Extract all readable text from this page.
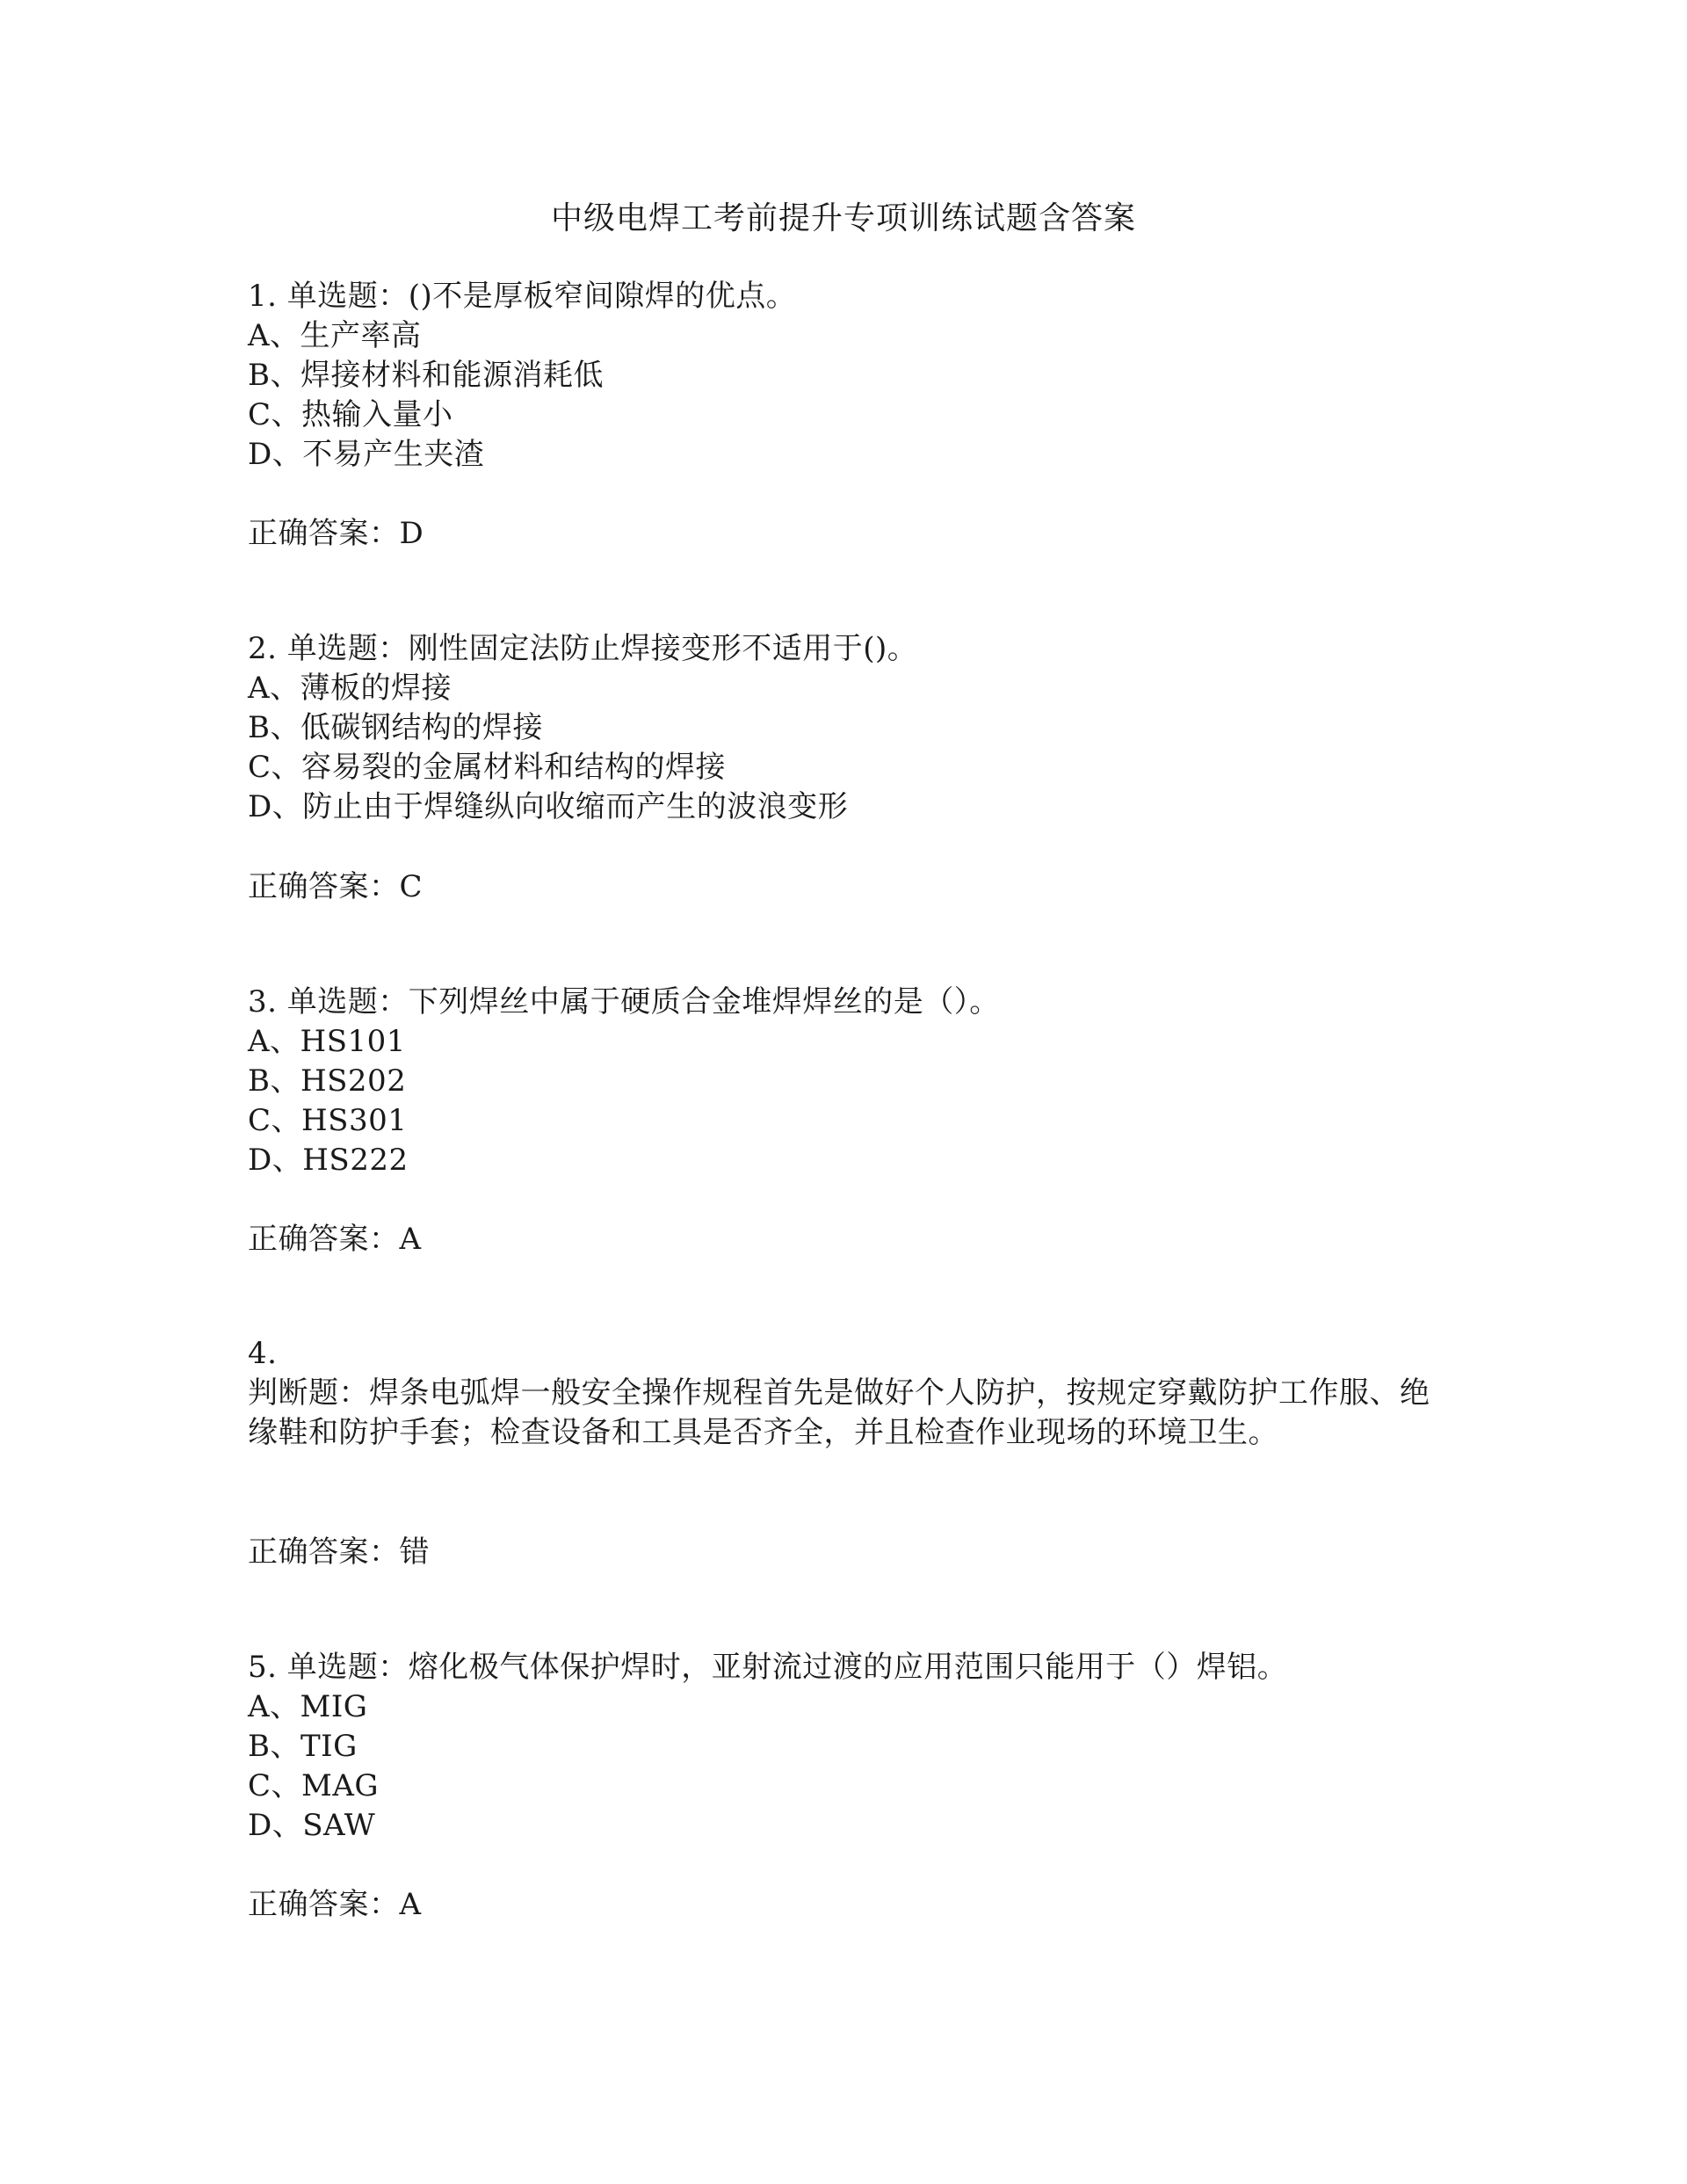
中级电焊工考前提升专项训练试题含答案
1. 单选题：()不是厚板窄间隙焊的优点。
A、生产率高
B、焊接材料和能源消耗低
C、热输入量小
D、不易产生夹渣
正确答案：D
2. 单选题：刚性固定法防止焊接变形不适用于()。
A、薄板的焊接
B、低碳钢结构的焊接
C、容易裂的金属材料和结构的焊接
D、防止由于焊缝纵向收缩而产生的波浪变形
正确答案：C
3. 单选题：下列焊丝中属于硬质合金堆焊焊丝的是（）。
A、HS101
B、HS202
C、HS301
D、HS222
正确答案：A
4.
判断题：焊条电弧焊一般安全操作规程首先是做好个人防护，按规定穿戴防护工作服、绝
缘鞋和防护手套；检查设备和工具是否齐全，并且检查作业现场的环境卫生。
正确答案：错
5. 单选题：熔化极气体保护焊时，亚射流过渡的应用范围只能用于（）焊铝。
A、MIG
B、TIG
C、MAG
D、SAW
正确答案：A
